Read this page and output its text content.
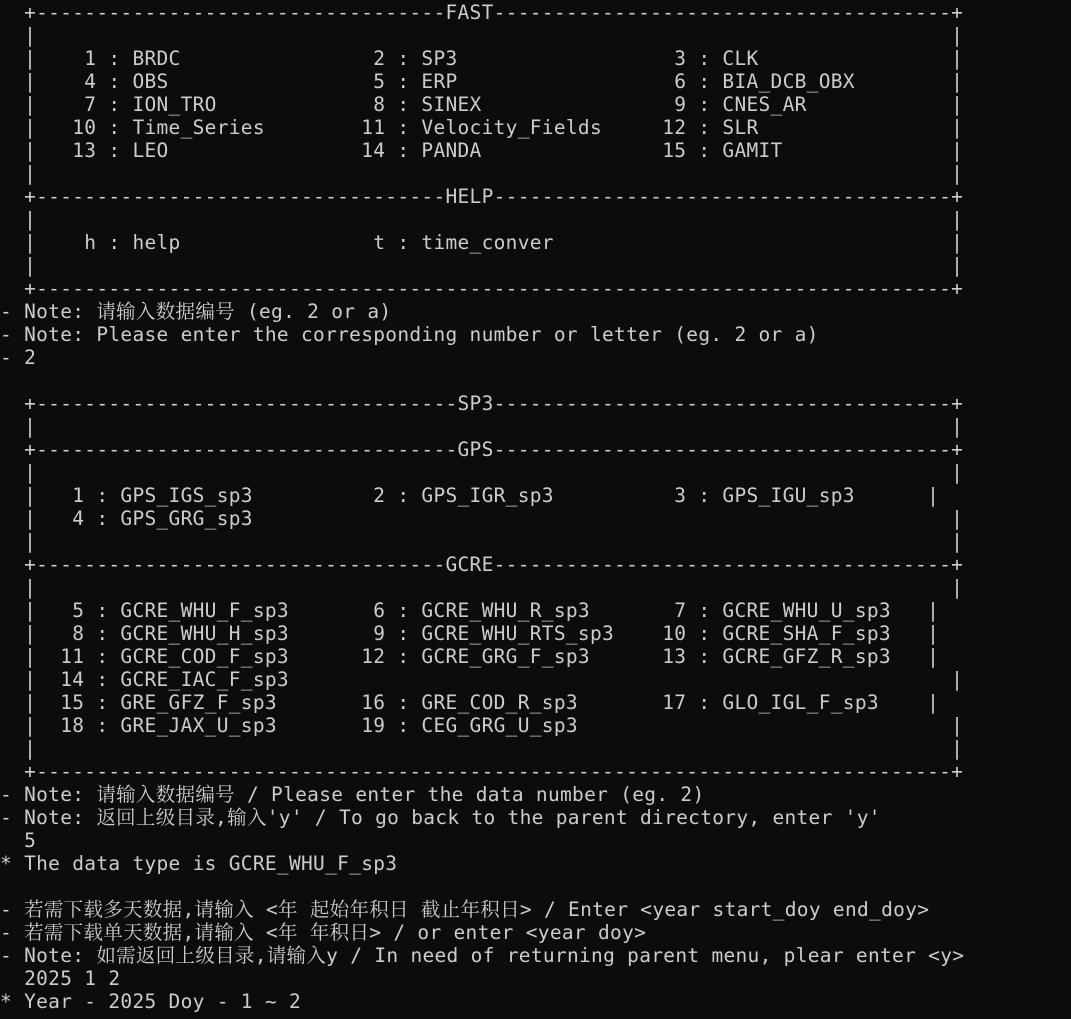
+----------------------------------FAST--------------------------------------+

|                                                                            |

|    1 : BRDC                2 : SP3                  3 : CLK                |

|    4 : OBS                 5 : ERP                  6 : BIA_DCB_OBX        |

|    7 : ION_TRO             8 : SINEX                9 : CNES_AR            |

|   10 : Time_Series        11 : Velocity_Fields     12 : SLR                |

|   13 : LEO                14 : PANDA               15 : GAMIT              |

|                                                                            |

+----------------------------------HELP--------------------------------------+

|                                                                            |

|    h : help                t : time_conver                                 |

|                                                                            |

+----------------------------------------------------------------------------+

- Note: 请输入数据编号 (eg. 2 or a)

- Note: Please enter the corresponding number or letter (eg. 2 or a)

- 2

+-----------------------------------SP3--------------------------------------+

|                                                                            |

+-----------------------------------GPS--------------------------------------+

|                                                                            |

|   1 : GPS_IGS_sp3          2 : GPS_IGR_sp3          3 : GPS_IGU_sp3      |

|   4 : GPS_GRG_sp3                                                          |

|                                                                            |

+----------------------------------GCRE--------------------------------------+

|                                                                            |

|   5 : GCRE_WHU_F_sp3       6 : GCRE_WHU_R_sp3       7 : GCRE_WHU_U_sp3   |

|   8 : GCRE_WHU_H_sp3       9 : GCRE_WHU_RTS_sp3    10 : GCRE_SHA_F_sp3   |

|  11 : GCRE_COD_F_sp3      12 : GCRE_GRG_F_sp3      13 : GCRE_GFZ_R_sp3   |

|  14 : GCRE_IAC_F_sp3                                                       |

|  15 : GRE_GFZ_F_sp3       16 : GRE_COD_R_sp3       17 : GLO_IGL_F_sp3    |

|  18 : GRE_JAX_U_sp3       19 : CEG_GRG_U_sp3                               |

|                                                                            |

+----------------------------------------------------------------------------+

- Note: 请输入数据编号 / Please enter the data number (eg. 2)

- Note: 返回上级目录,输入'y' / To go back to the parent directory, enter 'y'

5

* The data type is GCRE_WHU_F_sp3

- 若需下载多天数据,请输入 <年 起始年积日 截止年积日> / Enter <year start_doy end_doy>

- 若需下载单天数据,请输入 <年 年积日> / or enter <year doy>

- Note: 如需返回上级目录,请输入y / In need of returning parent menu, plear enter <y>

2025 1 2

* Year - 2025 Doy - 1 ~ 2
